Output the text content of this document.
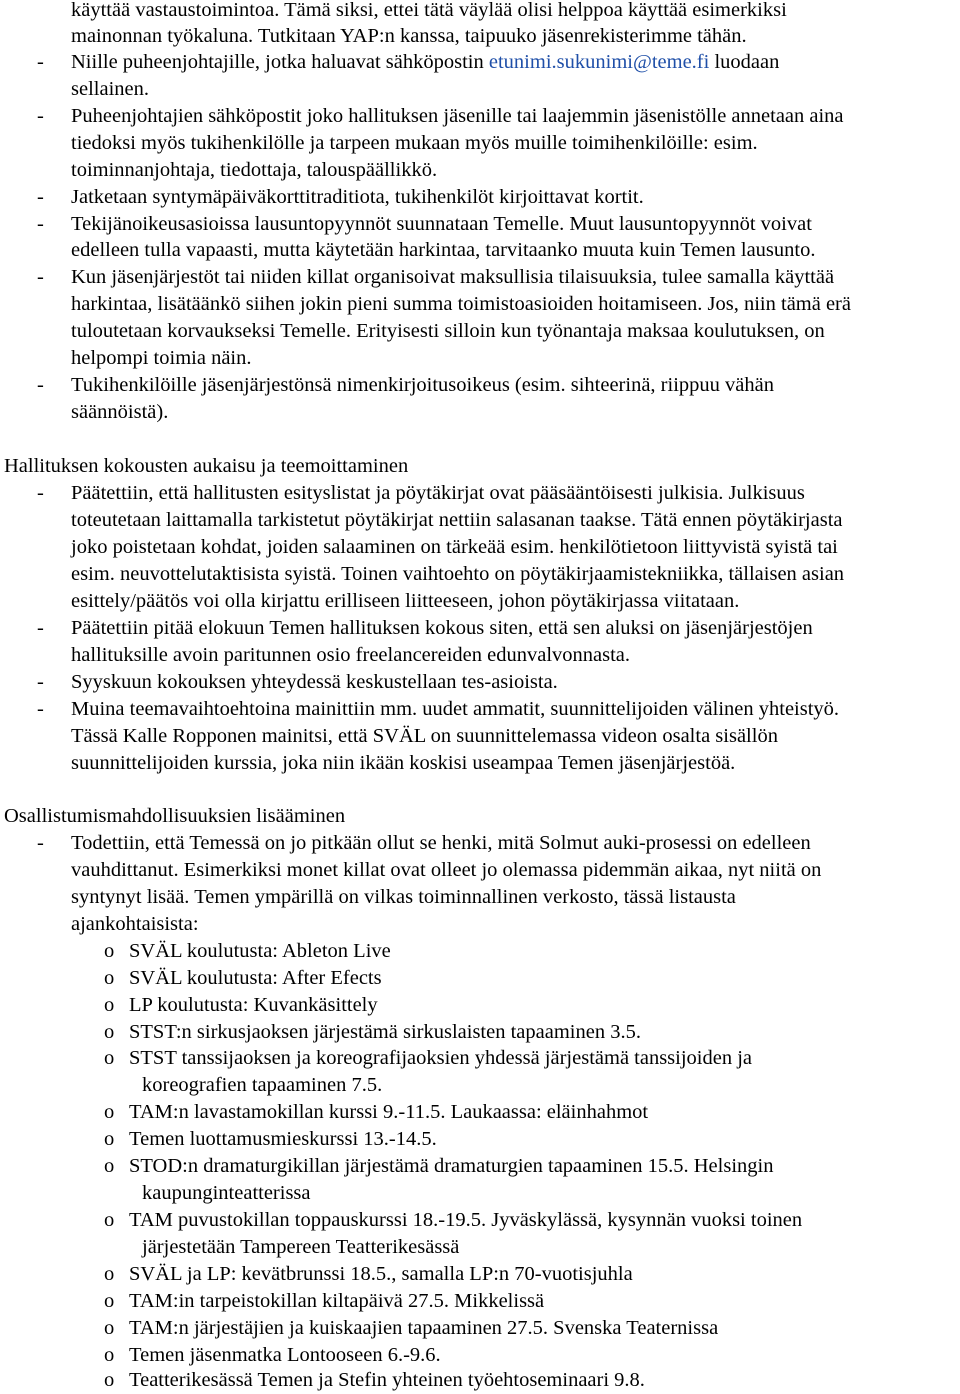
käyttää vastaustoimintoa. Tämä siksi, ettei tätä väylää olisi helppoa käyttää esimerkiksi
mainonnan työkaluna. Tutkitaan YAP:n kanssa, taipuuko jäsenrekisterimme tähän.
- Niille puheenjohtajille, jotka haluavat sähköpostin etunimi.sukunimi@teme.fi luodaan
sellainen.
- Puheenjohtajien sähköpostit joko hallituksen jäsenille tai laajemmin jäsenistölle annetaan aina
tiedoksi myös tukihenkilölle ja tarpeen mukaan myös muille toimihenkilöille: esim.
toiminnanjohtaja, tiedottaja, talouspäällikkö.
- Jatketaan syntymäpäiväkorttitraditiota, tukihenkilöt kirjoittavat kortit.
- Tekijänoikeusasioissa lausuntopyynnöt suunnataan Temelle. Muut lausuntopyynnöt voivat
edelleen tulla vapaasti, mutta käytetään harkintaa, tarvitaanko muuta kuin Temen lausunto.
- Kun jäsenjärjestöt tai niiden killat organisoivat maksullisia tilaisuuksia, tulee samalla käyttää
harkintaa, lisätäänkö siihen jokin pieni summa toimistoasioiden hoitamiseen. Jos, niin tämä erä
tuloutetaan korvaukseksi Temelle. Erityisesti silloin kun työnantaja maksaa koulutuksen, on
helpompi toimia näin.
- Tukihenkilöille jäsenjärjestönsä nimenkirjoitusoikeus (esim. sihteerinä, riippuu vähän
säännöistä).
Hallituksen kokousten aukaisu ja teemoittaminen
- Päätettiin, että hallitusten esityslistat ja pöytäkirjat ovat pääsääntöisesti julkisia. Julkisuus
toteutetaan laittamalla tarkistetut pöytäkirjat nettiin salasanan taakse. Tätä ennen pöytäkirjasta
joko poistetaan kohdat, joiden salaaminen on tärkeää esim. henkilötietoon liittyvistä syistä tai
esim. neuvottelutaktisista syistä. Toinen vaihtoehto on pöytäkirjaamistekniikka, tällaisen asian
esittely/päätös voi olla kirjattu erilliseen liitteeseen, johon pöytäkirjassa viitataan.
- Päätettiin pitää elokuun Temen hallituksen kokous siten, että sen aluksi on jäsenjärjestöjen
hallituksille avoin paritunnen osio freelancereiden edunvalvonnasta.
- Syyskuun kokouksen yhteydessä keskustellaan tes-asioista.
- Muina teemavaihtoehtoina mainittiin mm. uudet ammatit, suunnittelijoiden välinen yhteistyö.
Tässä Kalle Ropponen mainitsi, että SVÄL on suunnittelemassa videon osalta sisällön
suunnittelijoiden kurssia, joka niin ikään koskisi useampaa Temen jäsenjärjestöä.
Osallistumismahdollisuuksien lisääminen
- Todettiin, että Temessä on jo pitkään ollut se henki, mitä Solmut auki-prosessi on edelleen
vauhdittanut. Esimerkiksi monet killat ovat olleet jo olemassa pidemmän aikaa, nyt niitä on
syntynyt lisää. Temen ympärillä on vilkas toiminnallinen verkosto, tässä listausta
ajankohtaisista:
o SVÄL koulutusta: Ableton Live
o SVÄL koulutusta: After Efects
o LP koulutusta: Kuvankäsittely
o STST:n sirkusjaoksen järjestämä sirkuslaisten tapaaminen 3.5.
o STST tanssijaoksen ja koreografijaoksien yhdessä järjestämä tanssijoiden ja
koreografien tapaaminen 7.5.
o TAM:n lavastamokillan kurssi 9.-11.5. Laukaassa: eläinhahmot
o Temen luottamusmieskurssi 13.-14.5.
o STOD:n dramaturgikillan järjestämä dramaturgien tapaaminen 15.5. Helsingin
kaupunginteatterissa
o TAM puvustokillan toppauskurssi 18.-19.5. Jyväskylässä, kysynnän vuoksi toinen
järjestetään Tampereen Teatterikesässä
o SVÄL ja LP: kevätbrunssi 18.5., samalla LP:n 70-vuotisjuhla
o TAM:in tarpeistokillan kiltapäivä 27.5. Mikkelissä
o TAM:n järjestäjien ja kuiskaajien tapaaminen 27.5. Svenska Teaternissa
o Temen jäsenmatka Lontooseen 6.-9.6.
o Teatterikesässä Temen ja Stefin yhteinen työehtoseminaari 9.8.
